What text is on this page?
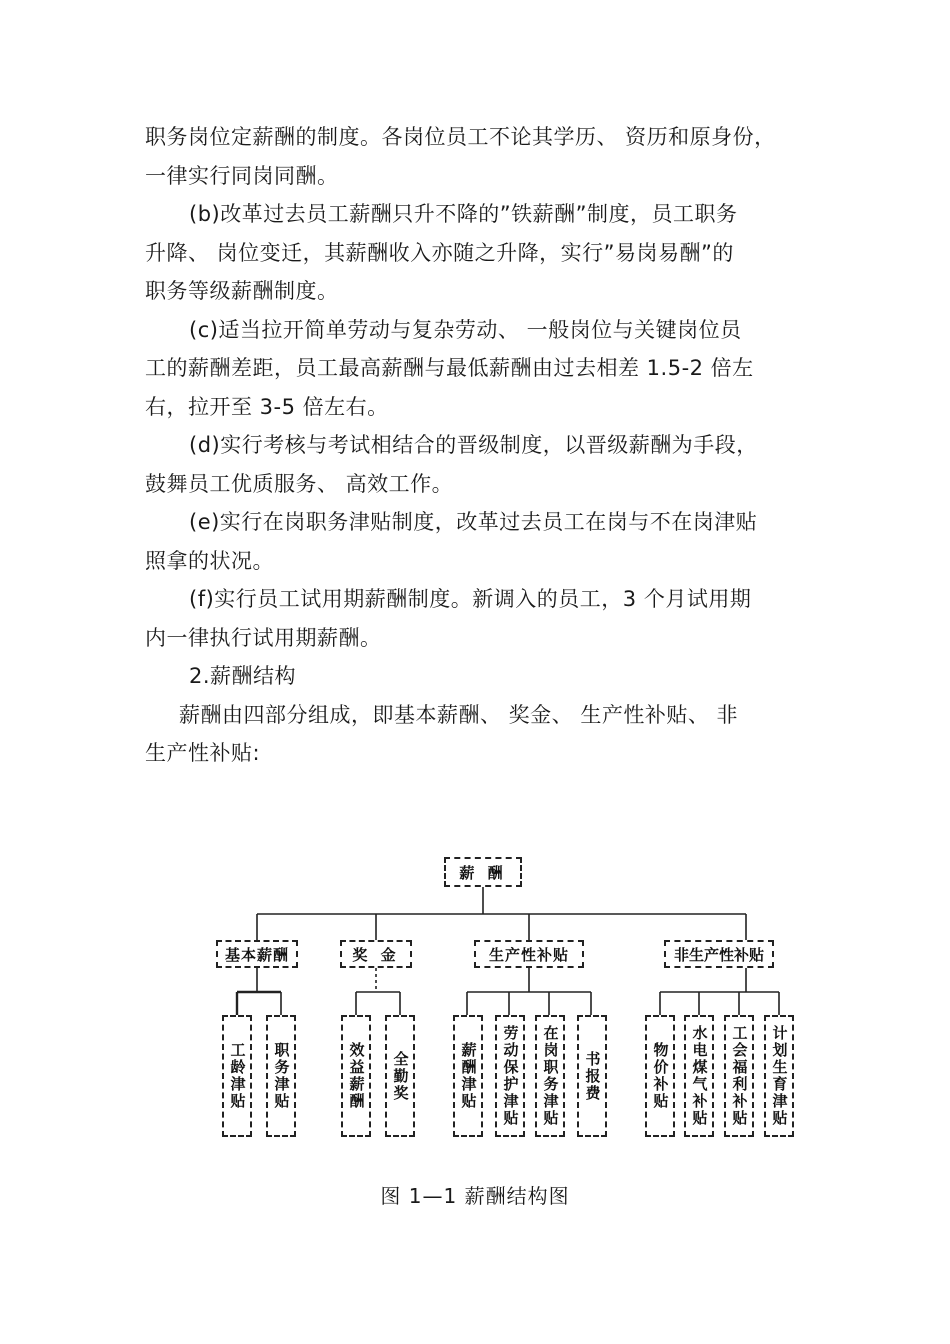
职务岗位定薪酬的制度。各岗位员工不论其学历、 资历和原身份，
一律实行同岗同酬。
(b)改革过去员工薪酬只升不降的”铁薪酬”制度，员工职务
升降、 岗位变迁，其薪酬收入亦随之升降，实行”易岗易酬”的
职务等级薪酬制度。
(c)适当拉开简单劳动与复杂劳动、 一般岗位与关键岗位员
工的薪酬差距，员工最高薪酬与最低薪酬由过去相差 1.5-2 倍左
右，拉开至 3-5 倍左右。
(d)实行考核与考试相结合的晋级制度，以晋级薪酬为手段，
鼓舞员工优质服务、 高效工作。
(e)实行在岗职务津贴制度，改革过去员工在岗与不在岗津贴
照拿的状况。
(f)实行员工试用期薪酬制度。新调入的员工，3 个月试用期
内一律执行试用期薪酬。
2.薪酬结构
薪酬由四部分组成，即基本薪酬、 奖金、 生产性补贴、 非
生产性补贴:
薪 酬
基本薪酬	奖 金	生产性补贴	非生产性补贴
工龄津贴	职务津贴	效益薪酬	全勤奖	薪酬津贴	劳动保护津贴	在岗职务津贴	书报费	物价补贴	水电煤气补贴	工会福利补贴	计划生育津贴
图 1—1 薪酬结构图
